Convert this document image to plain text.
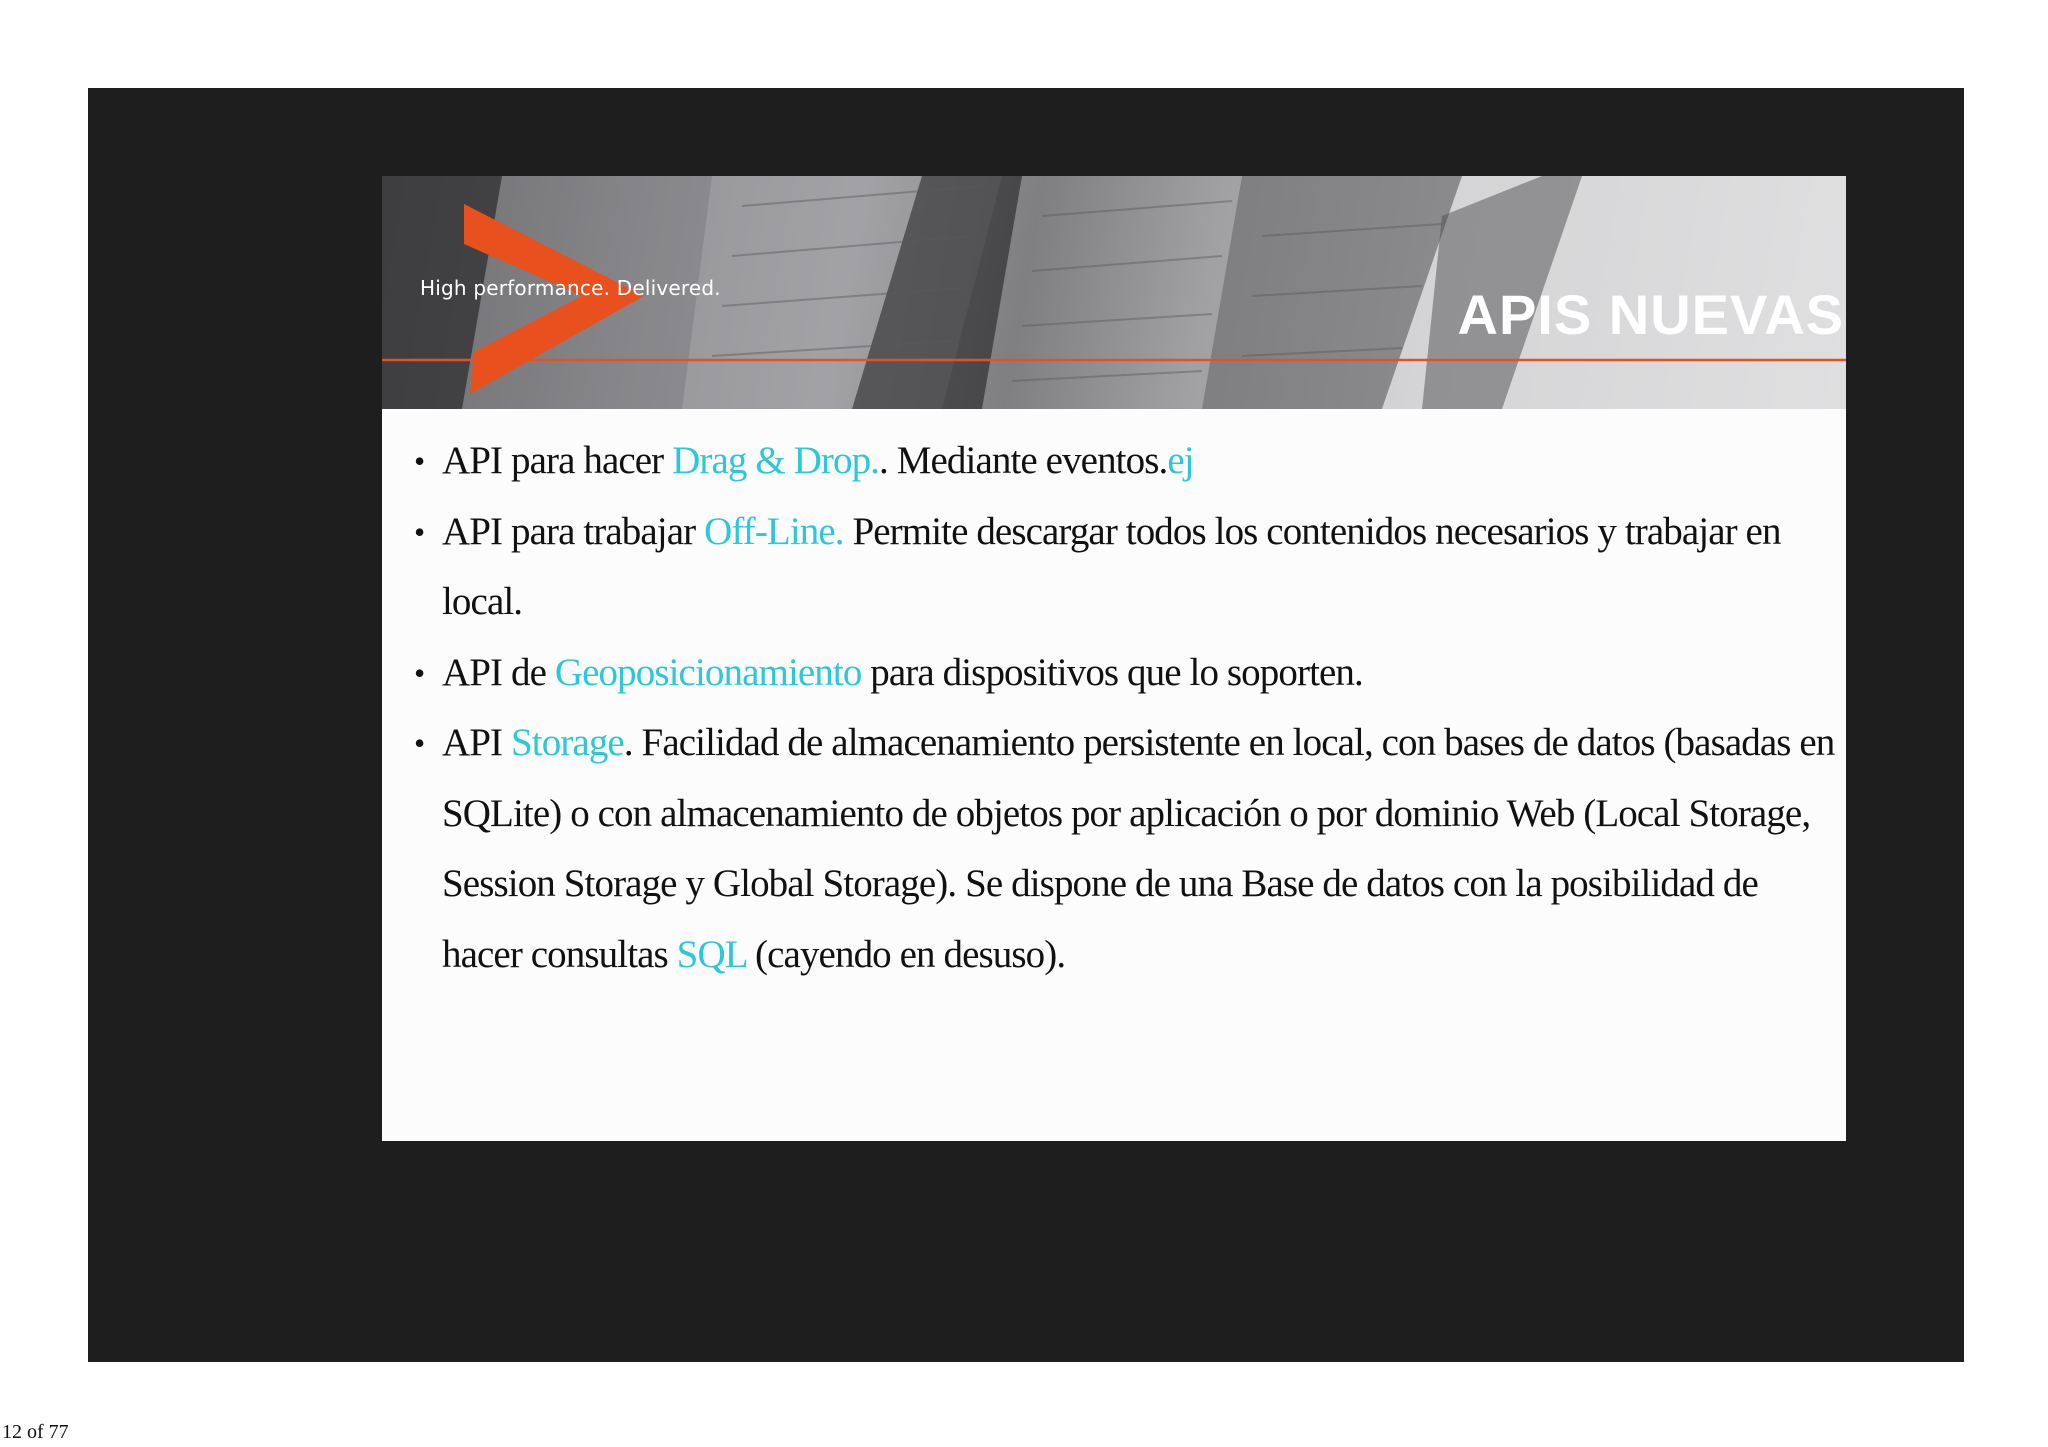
High performance. Delivered.	APIS NUEVAS
• API para hacer Drag & Drop.. Mediante eventos.ej
• API para trabajar Off-Line. Permite descargar todos los contenidos necesarios y trabajar en local.
• API de Geoposicionamiento para dispositivos que lo soporten.
• API Storage. Facilidad de almacenamiento persistente en local, con bases de datos (basadas en SQLite) o con almacenamiento de objetos por aplicación o por dominio Web (Local Storage, Session Storage y Global Storage). Se dispone de una Base de datos con la posibilidad de hacer consultas SQL (cayendo en desuso).
12 of 77
